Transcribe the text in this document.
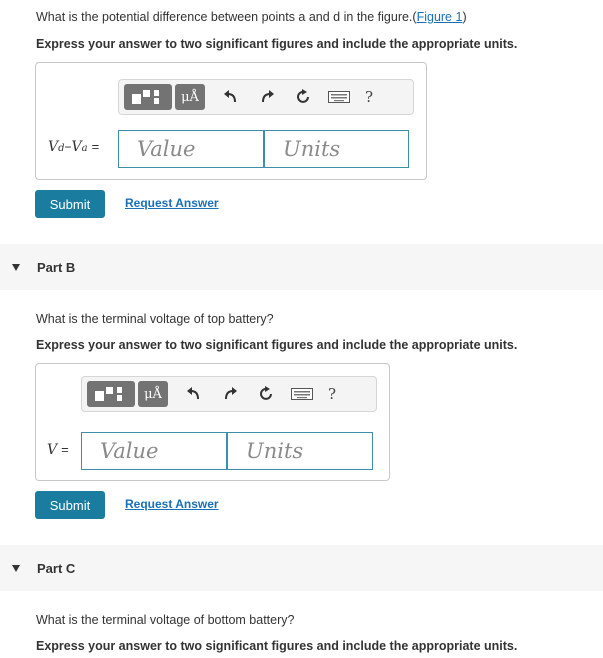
What is the potential difference between points a and d in the figure.(Figure 1)
Express your answer to two significant figures and include the appropriate units.
μÅ	?
V d – V a =	Value	Units
Submit	Request Answer
Part B
What is the terminal voltage of top battery?
Express your answer to two significant figures and include the appropriate units.
μÅ	?
V =	Value	Units
Submit	Request Answer
Part C
What is the terminal voltage of bottom battery?
Express your answer to two significant figures and include the appropriate units.
